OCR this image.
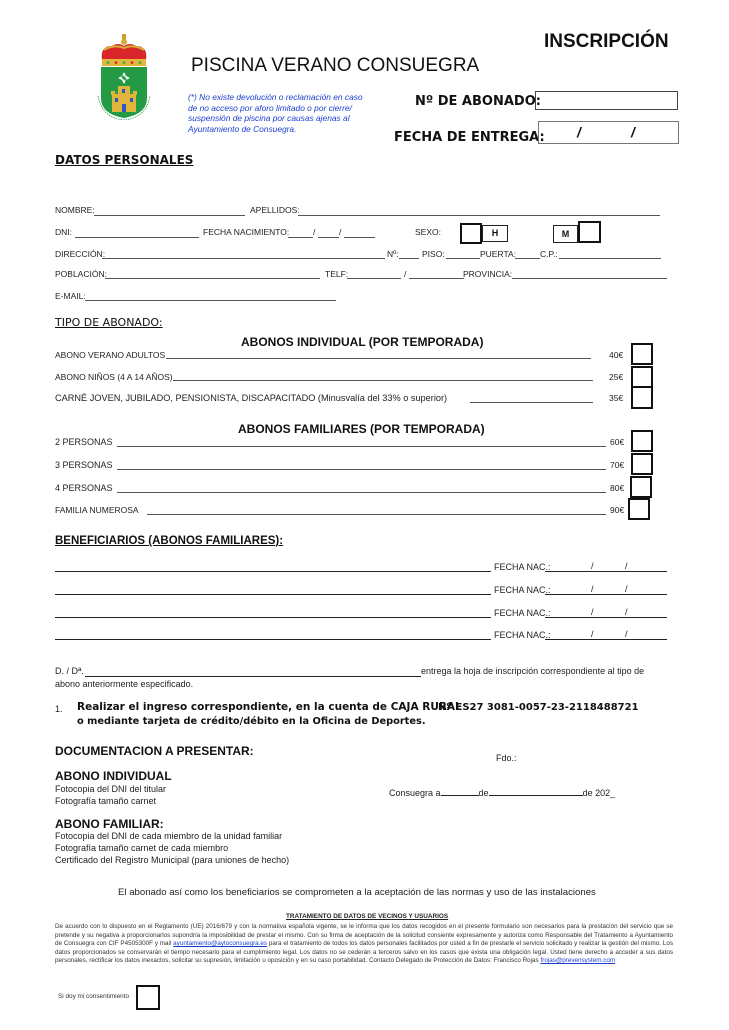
INSCRIPCIÓN
PISCINA VERANO CONSUEGRA
(*) No existe devolución o reclamación en caso
de no acceso por aforo limitado o por cierre/
suspensión de piscina por causas ajenas al
Ayuntamiento de Consuegra.
Nº DE ABONADO:
FECHA DE ENTREGA: /	/
DATOS PERSONALES
NOMBRE:	APELLIDOS:
DNI:	FECHA NACIMIENTO:	/	/	SEXO:	H	M
DIRECCIÓN:	Nº:	PISO:	PUERTA:	C.P.:
POBLACIÓN:	TELF:	/	PROVINCIA:
E-MAIL:
TIPO DE ABONADO:
ABONOS INDIVIDUAL (POR TEMPORADA)
ABONO VERANO ADULTOS	40€
ABONO NIÑOS (4 A 14 AÑOS)	25€
CARNÉ JOVEN, JUBILADO, PENSIONISTA, DISCAPACITADO (Minusvalía del 33% o superior)	35€
ABONOS FAMILIARES (POR TEMPORADA)
2 PERSONAS	60€
3 PERSONAS	70€
4 PERSONAS	80€
FAMILIA NUMEROSA	90€
BENEFICIARIOS (ABONOS FAMILIARES):
FECHA NAC.:	/	/
FECHA NAC.:	/	/
FECHA NAC.:	/	/
FECHA NAC.:	/	/
D. / Dª.	entrega la hoja de inscripción correspondiente al tipo de
abono anteriormente especificado.
1. Realizar el ingreso correspondiente, en la cuenta de CAJA RURAL
Nº ES27 3081-0057-23-2118488721
o mediante tarjeta de crédito/débito en la Oficina de Deportes.
DOCUMENTACION A PRESENTAR:	Fdo.:
ABONO INDIVIDUAL
Fotocopia del DNI del titular
Fotografía tamaño carnet
Consuegra a	de	de 202_
ABONO FAMILIAR:
Fotocopia del DNI de cada miembro de la unidad familiar
Fotografía tamaño carnet de cada miembro
Certificado del Registro Municipal (para uniones de hecho)
El abonado así como los beneficiarios se comprometen a la aceptación de las normas y uso de las instalaciones
TRATAMIENTO DE DATOS DE VECINOS Y USUARIOS
De acuerdo con lo dispuesto en el Reglamento (UE) 2016/679 y con la normativa española vigente, se le informa que los datos recogidos en el presente formulario son necesarios para la prestación del servicio que se pretende y su negativa a proporcionarlos supondría la imposibilidad de prestar el mismo. Con su firma de aceptación de la solicitud consiente expresamente y autoriza como Responsable del Tratamiento a Ayuntamiento de Consuegra con CIF P4505300F y mail ayuntamiento@aytoconsuegra.es para el tratamiento de todos los datos personales facilitados por usted a fin de prestarle el servicio solicitado y realizar la gestión del mismo. Los datos proporcionados se conservarán el tiempo necesario para el cumplimiento legal. Los datos no se cederán a terceros salvo en los casos que exista una obligación legal. Usted tiene derecho a acceder a sus datos personales, rectificar los datos inexactos, solicitar su supresión, limitación u oposición y en su caso portabilidad. Contacto Delegado de Protección de Datos: Francisco Rojas frojas@prevensystem.com
Si doy mi consentimiento
